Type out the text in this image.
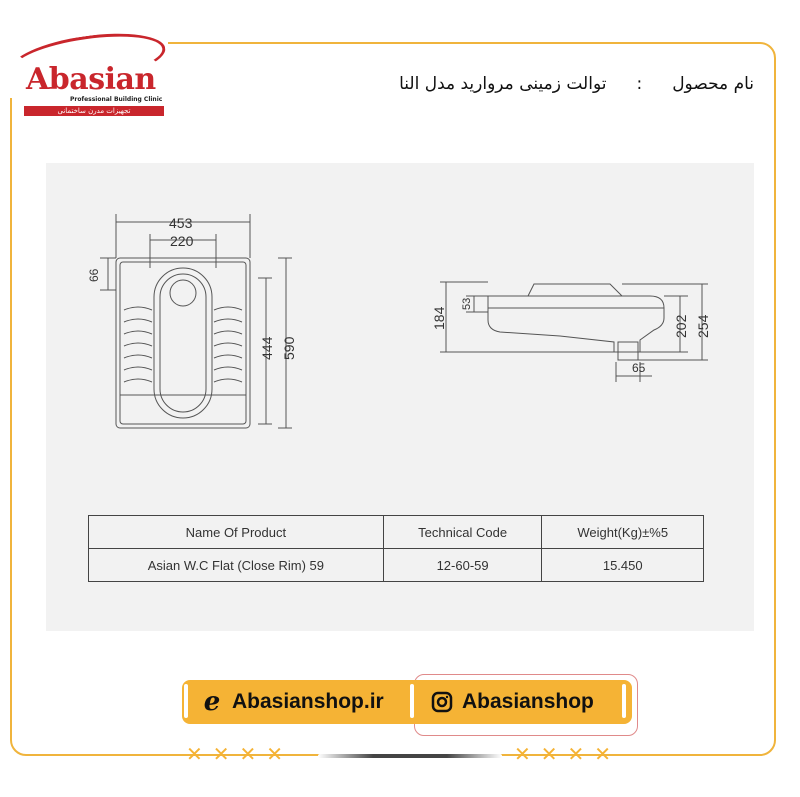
Abasian
Professional Building Clinic
تجهیزات مدرن ساختمانی
نام محصول
:
توالت زمینی مروارید مدل النا
453
220
66
444 590
184
53
202 254
65
Name Of Product	Technical Code	Weight(Kg)±%5
Asian W.C Flat (Close Rim) 59	12-60-59	15.450
e Abasianshop.ir	Abasianshop
✕✕✕✕	✕✕✕✕
